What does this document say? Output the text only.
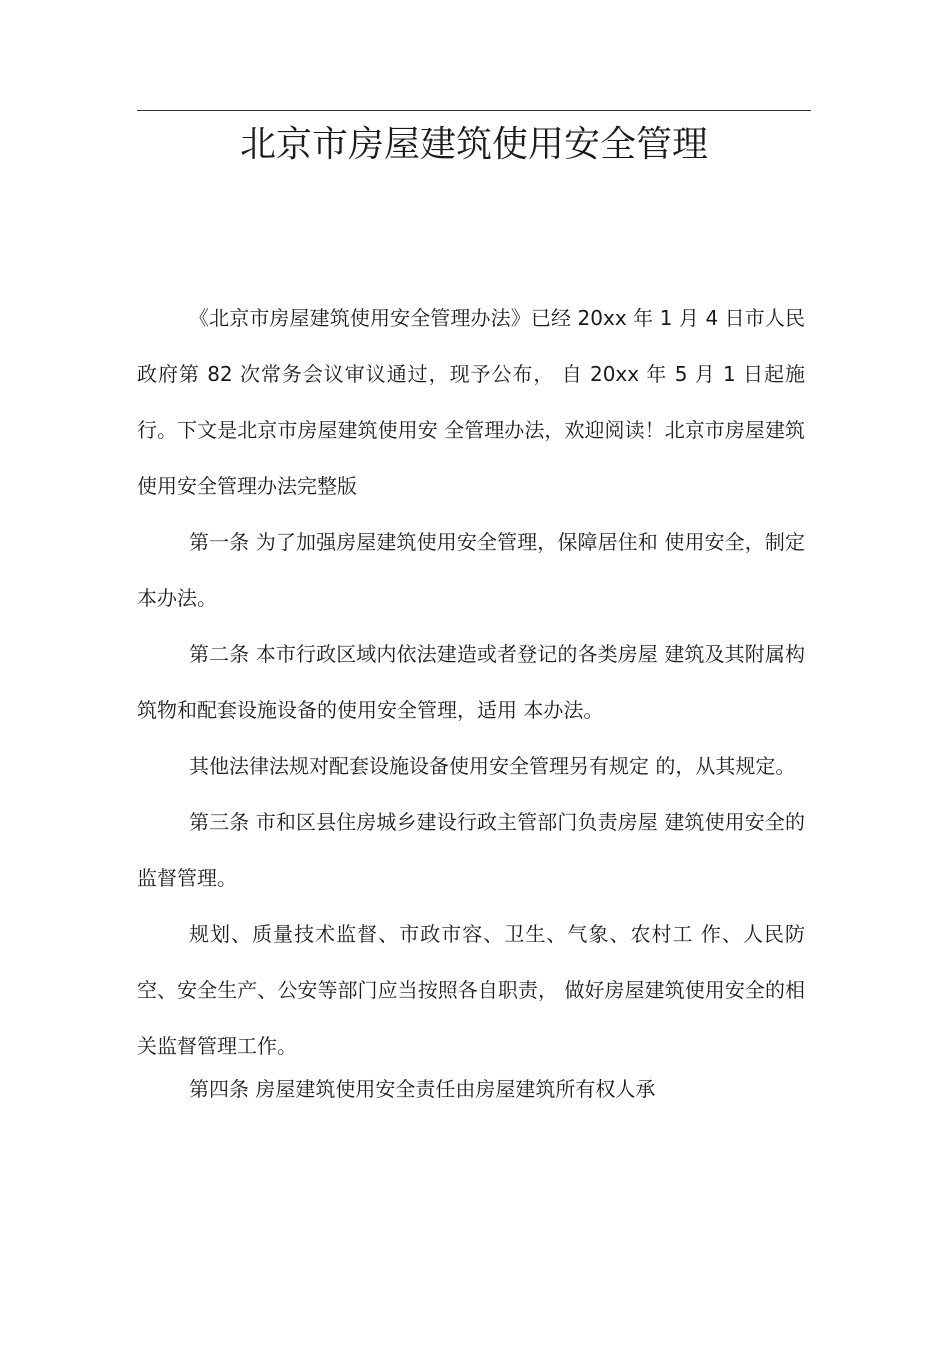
北京市房屋建筑使用安全管理

《北京市房屋建筑使用安全管理办法》已经 20xx 年 1 月 4 日市人民政府第 82 次常务会议审议通过，现予公布， 自 20xx 年 5 月 1 日起施行。下文是北京市房屋建筑使用安 全管理办法，欢迎阅读！北京市房屋建筑使用安全管理办法完整版

第一条 为了加强房屋建筑使用安全管理，保障居住和 使用安全，制定本办法。

第二条 本市行政区域内依法建造或者登记的各类房屋 建筑及其附属构筑物和配套设施设备的使用安全管理，适用 本办法。

其他法律法规对配套设施设备使用安全管理另有规定 的，从其规定。

第三条 市和区县住房城乡建设行政主管部门负责房屋 建筑使用安全的监督管理。

规划、质量技术监督、市政市容、卫生、气象、农村工 作、人民防空、安全生产、公安等部门应当按照各自职责， 做好房屋建筑使用安全的相关监督管理工作。

第四条 房屋建筑使用安全责任由房屋建筑所有权人承
